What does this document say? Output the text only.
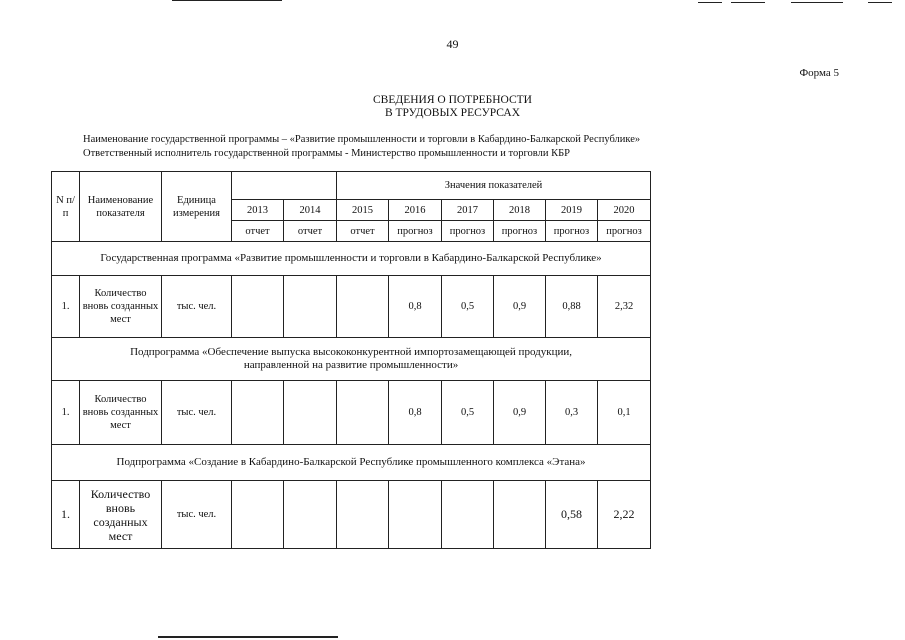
49
Форма 5
СВЕДЕНИЯ О ПОТРЕБНОСТИ
В ТРУДОВЫХ РЕСУРСАХ
Наименование государственной программы – «Развитие промышленности и торговли в Кабардино-Балкарской Республике»
Ответственный исполнитель государственной программы - Министерство промышленности и торговли КБР
N п/п	Наименование показателя	Единица измерения			Значения показателей					
			2013	2014	2015	2016	2017	2018	2019	2020
			отчет	отчет	отчет	прогноз	прогноз	прогноз	прогноз	прогноз
Государственная программа «Развитие промышленности и торговли в Кабардино-Балкарской Республике»										
1.	Количество вновь созданных мест	тыс. чел.				0,8	0,5	0,9	0,88	2,32

Подпрограмма «Обеспечение выпуска высококонкурентной импортозамещающей продукции,
направленной на развитие промышленности»										

1.	Количество вновь созданных мест	тыс. чел.				0,8	0,5	0,9	0,3	0,1
Подпрограмма «Создание в Кабардино-Балкарской Республике промышленного комплекса «Этана»										
1.	Количество вновь созданных мест	тыс. чел.							0,58	2,22
